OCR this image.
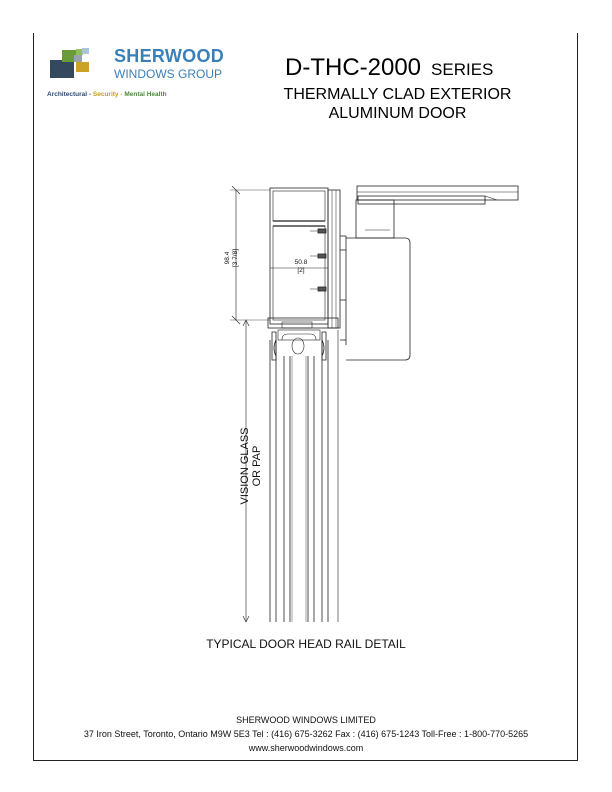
SHERWOOD
WINDOWS GROUP
Architectural - Security - Mental Health
D-THC-2000 SERIES
THERMALLY CLAD EXTERIOR
ALUMINUM DOOR
98.4 [3 7/8]	50.8
[2]
VISION GLASS OR PAP
TYPICAL DOOR HEAD RAIL DETAIL
SHERWOOD WINDOWS LIMITED
37 Iron Street, Toronto, Ontario M9W 5E3 Tel : (416) 675-3262 Fax : (416) 675-1243 Toll-Free : 1-800-770-5265
www.sherwoodwindows.com
